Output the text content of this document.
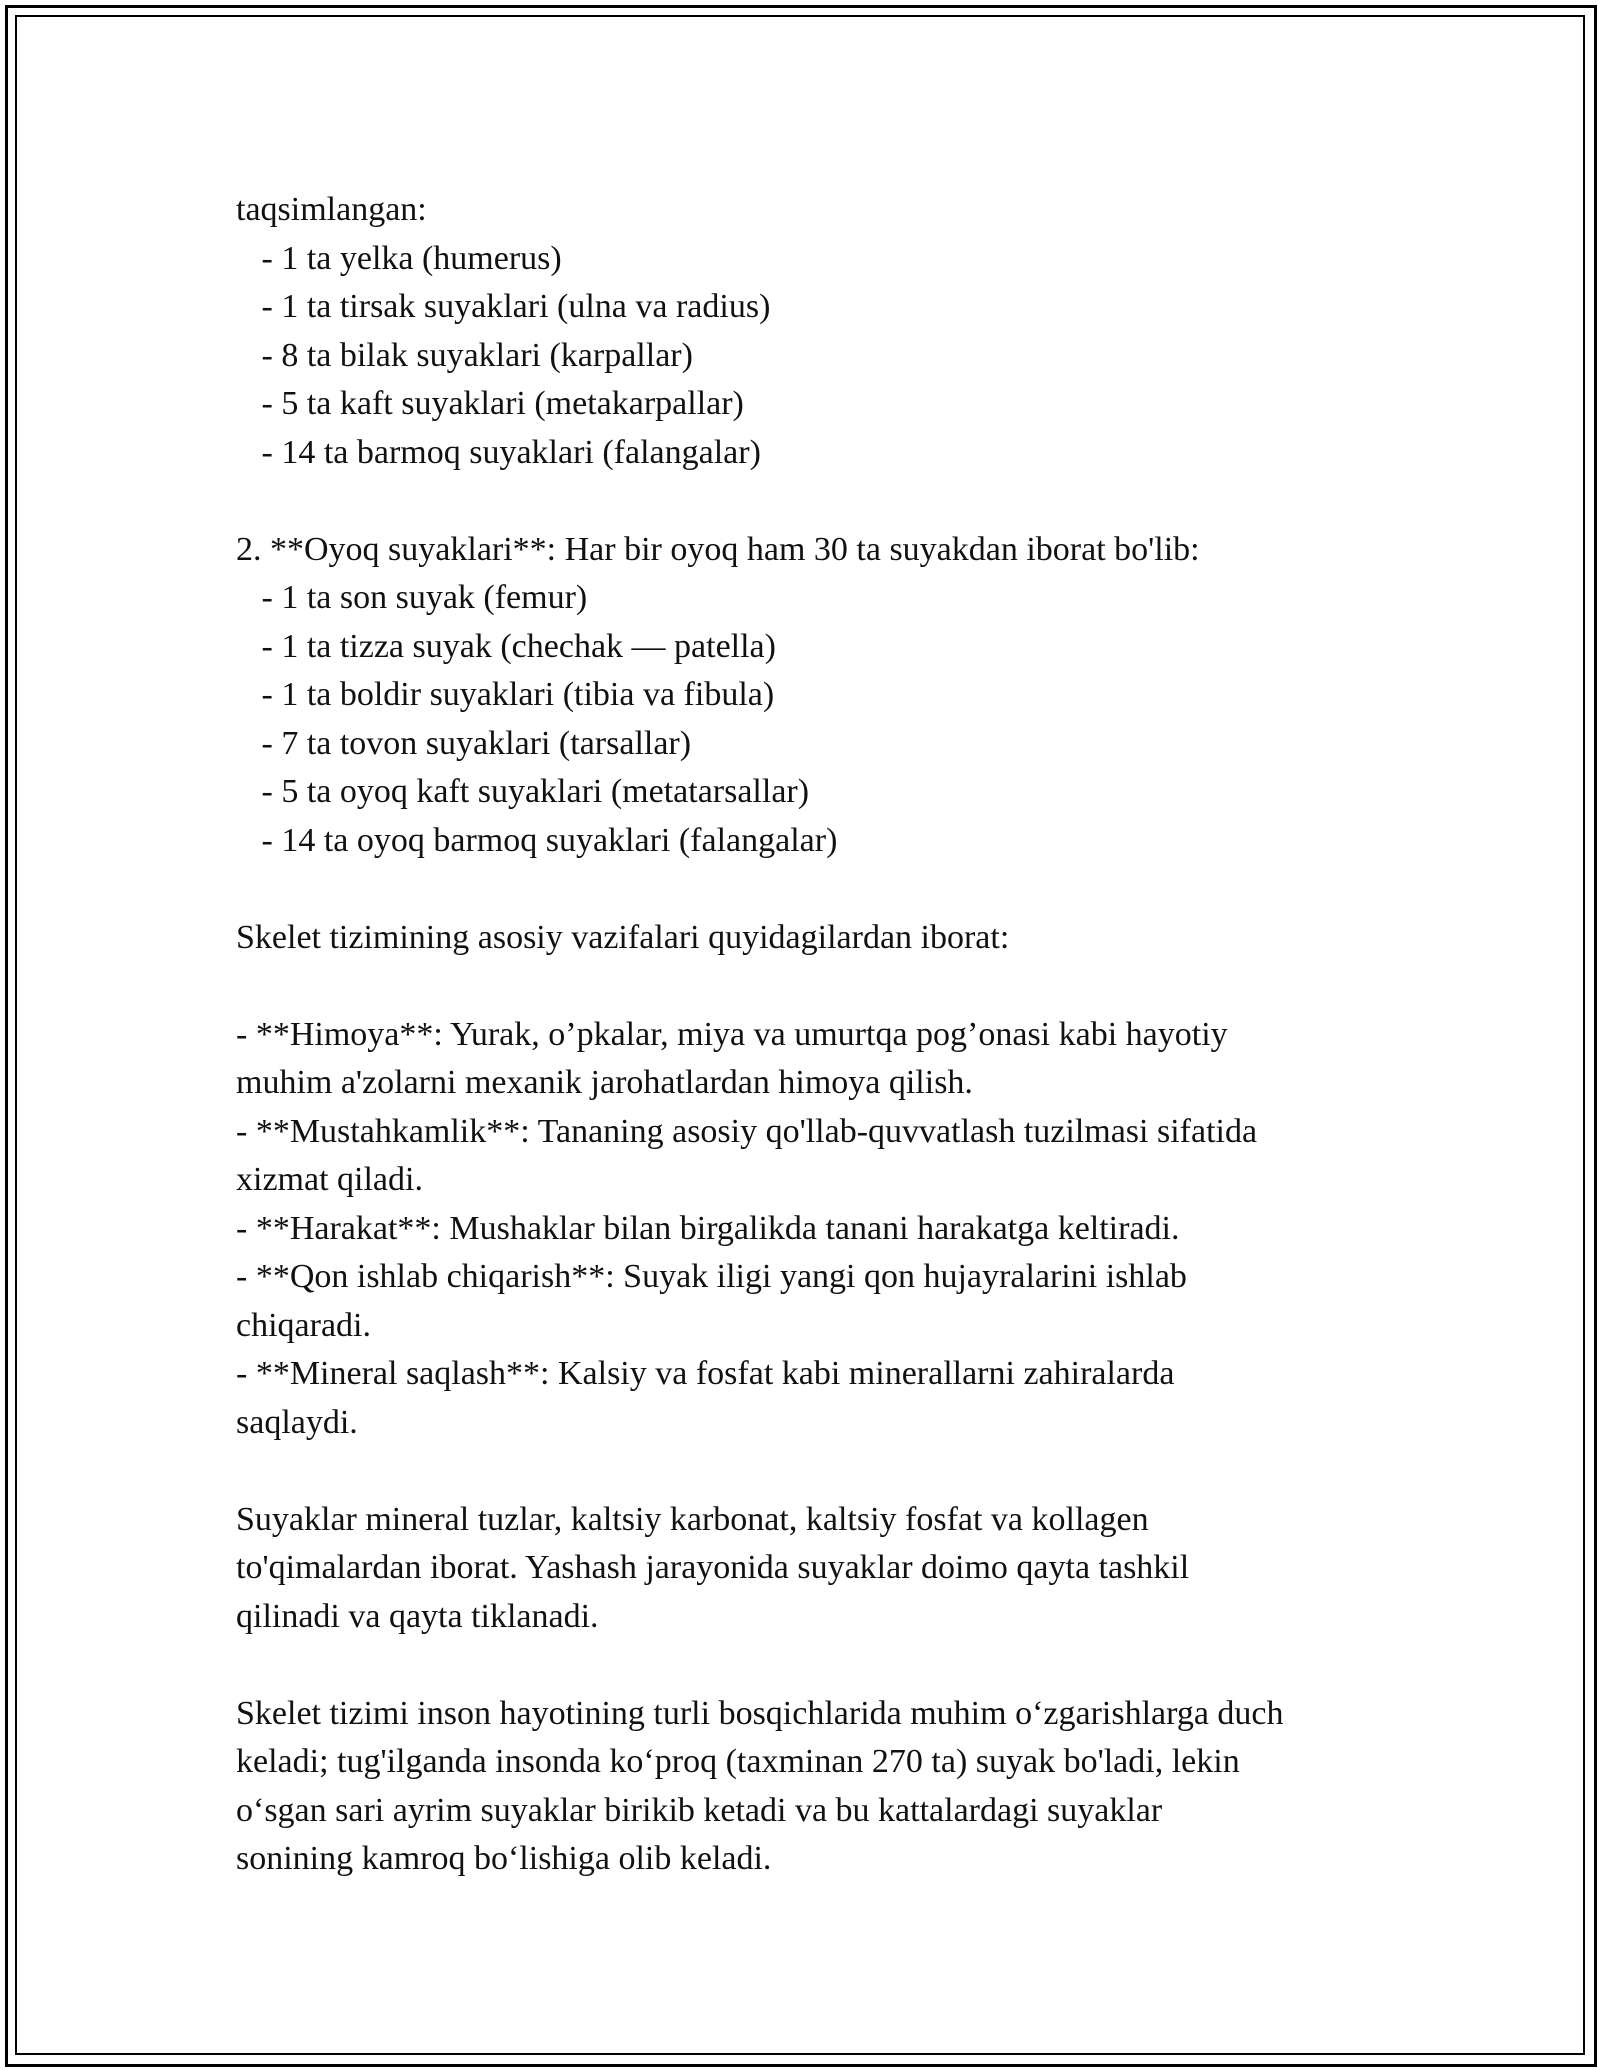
taqsimlangan:
- 1 ta yelka (humerus)
- 1 ta tirsak suyaklari (ulna va radius)
- 8 ta bilak suyaklari (karpallar)
- 5 ta kaft suyaklari (metakarpallar)
- 14 ta barmoq suyaklari (falangalar)
2. **Oyoq suyaklari**: Har bir oyoq ham 30 ta suyakdan iborat bo'lib:
- 1 ta son suyak (femur)
- 1 ta tizza suyak (chechak — patella)
- 1 ta boldir suyaklari (tibia va fibula)
- 7 ta tovon suyaklari (tarsallar)
- 5 ta oyoq kaft suyaklari (metatarsallar)
- 14 ta oyoq barmoq suyaklari (falangalar)
Skelet tizimining asosiy vazifalari quyidagilardan iborat:
- **Himoya**: Yurak, o’pkalar, miya va umurtqa pog’onasi kabi hayotiy
muhim a'zolarni mexanik jarohatlardan himoya qilish.
- **Mustahkamlik**: Tananing asosiy qo'llab-quvvatlash tuzilmasi sifatida
xizmat qiladi.
- **Harakat**: Mushaklar bilan birgalikda tanani harakatga keltiradi.
- **Qon ishlab chiqarish**: Suyak iligi yangi qon hujayralarini ishlab
chiqaradi.
- **Mineral saqlash**: Kalsiy va fosfat kabi minerallarni zahiralarda
saqlaydi.
Suyaklar mineral tuzlar, kaltsiy karbonat, kaltsiy fosfat va kollagen
to'qimalardan iborat. Yashash jarayonida suyaklar doimo qayta tashkil
qilinadi va qayta tiklanadi.
Skelet tizimi inson hayotining turli bosqichlarida muhim oʻzgarishlarga duch
keladi; tug'ilganda insonda koʻproq (taxminan 270 ta) suyak bo'ladi, lekin
oʻsgan sari ayrim suyaklar birikib ketadi va bu kattalardagi suyaklar
sonining kamroq boʻlishiga olib keladi.
